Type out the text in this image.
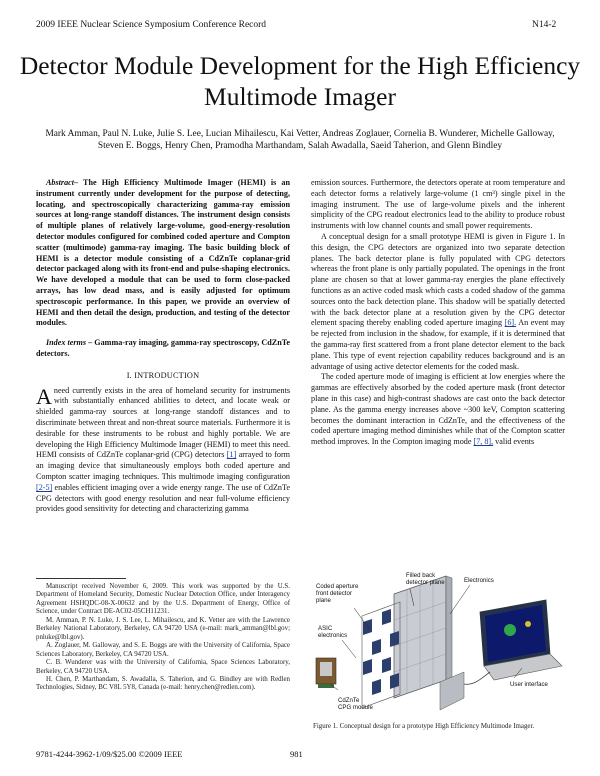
2009 IEEE Nuclear Science Symposium Conference Record	N14-2
Detector Module Development for the High Efficiency Multimode Imager
Mark Amman, Paul N. Luke, Julie S. Lee, Lucian Mihailescu, Kai Vetter, Andreas Zoglauer, Cornelia B. Wunderer, Michelle Galloway, Steven E. Boggs, Henry Chen, Pramodha Marthandam, Salah Awadalla, Saeid Taherion, and Glenn Bindley

Abstract– The High Efficiency Multimode Imager (HEMI) is an instrument currently under development for the purpose of detecting, locating, and spectroscopically characterizing gamma-ray emission sources at long-range standoff distances. The instrument design consists of multiple planes of relatively large-volume, good-energy-resolution detector modules configured for combined coded aperture and Compton scatter (multimode) gamma-ray imaging. The basic building block of HEMI is a detector module consisting of a CdZnTe coplanar-grid detector packaged along with its front-end and pulse-shaping electronics. We have developed a module that can be used to form close-packed arrays, has low dead mass, and is easily adjusted for optimum spectroscopic performance. In this paper, we provide an overview of HEMI and then detail the design, production, and testing of the detector modules.

Index terms – Gamma-ray imaging, gamma-ray spectroscopy, CdZnTe detectors.

I. INTRODUCTION

Aneed currently exists in the area of homeland security for instruments with substantially enhanced abilities to detect, and locate weak or shielded gamma-ray sources at long-range standoff distances and to discriminate between threat and non-threat source materials. Furthermore it is desirable for these instruments to be robust and highly portable. We are developing the High Efficiency Multimode Imager (HEMI) to meet this need. HEMI consists of CdZnTe coplanar-grid (CPG) detectors [1] arrayed to form an imaging device that simultaneously employs both coded aperture and Compton scatter imaging techniques. This multimode imaging configuration [2-5] enables efficient imaging over a wide energy range. The use of CdZnTe CPG detectors with good energy resolution and near full-volume efficiency provides good sensitivity for detecting and characterizing gamma

emission sources. Furthermore, the detectors operate at room temperature and each detector forms a relatively large-volume (1 cm³) single pixel in the imaging instrument. The use of large-volume pixels and the inherent simplicity of the CPG readout electronics lead to the ability to produce robust instruments with low channel counts and small power requirements.

A conceptual design for a small prototype HEMI is given in Figure 1. In this design, the CPG detectors are organized into two separate detection planes. The back detector plane is fully populated with CPG detectors whereas the front plane is only partially populated. The openings in the front plane are chosen so that at lower gamma-ray energies the plane effectively functions as an active coded mask which casts a coded shadow of the gamma sources onto the back detection plane. This shadow will be spatially detected with the back detector plane at a resolution given by the CPG detector element spacing thereby enabling coded aperture imaging [6]. An event may be rejected from inclusion in the shadow, for example, if it is determined that the gamma-ray first scattered from a front plane detector element to the back plane. This type of event rejection capability reduces background and is an advantage of using active detector elements for the coded mask.

The coded aperture mode of imaging is efficient at low energies where the gammas are effectively absorbed by the coded aperture mask (front detector plane in this case) and high-contrast shadows are cast onto the back detector plane. As the gamma energy increases above ~300 keV, Compton scattering becomes the dominant interaction in CdZnTe, and the effectiveness of the coded aperture imaging method diminishes while that of the Compton scatter method improves. In the Compton imaging mode [7, 8], valid events

Manuscript received November 6, 2009. This work was supported by the U.S. Department of Homeland Security, Domestic Nuclear Detection Office, under Interagency Agreement HSHQDC-08-X-00632 and by the U.S. Department of Energy, Office of Science, under Contract DE-AC02-05CH11231.

M. Amman, P. N. Luke, J. S. Lee, L. Mihailescu, and K. Vetter are with the Lawrence Berkeley National Laboratory, Berkeley, CA 94720 USA (e-mail: mark_amman@lbl.gov; pnluke@lbl.gov).

A. Zoglauer, M. Galloway, and S. E. Boggs are with the University of California, Space Sciences Laboratory, Berkeley, CA 94720 USA.

C. B. Wunderer was with the University of California, Space Sciences Laboratory, Berkeley, CA 94720 USA.

H. Chen, P. Marthandam, S. Awadalla, S. Taherion, and G. Bindley are with Redlen Technologies, Sidney, BC V8L 5Y8, Canada (e-mail: henry.chen@redlen.com).

Filled back detector plane	Electronics
Coded aperture front detector plane
ASIC electronics
User interface
CdZnTe CPG module
Figure 1. Conceptual design for a prototype High Efficiency Multimode Imager.
9781-4244-3962-1/09/$25.00 ©2009 IEEE	981
